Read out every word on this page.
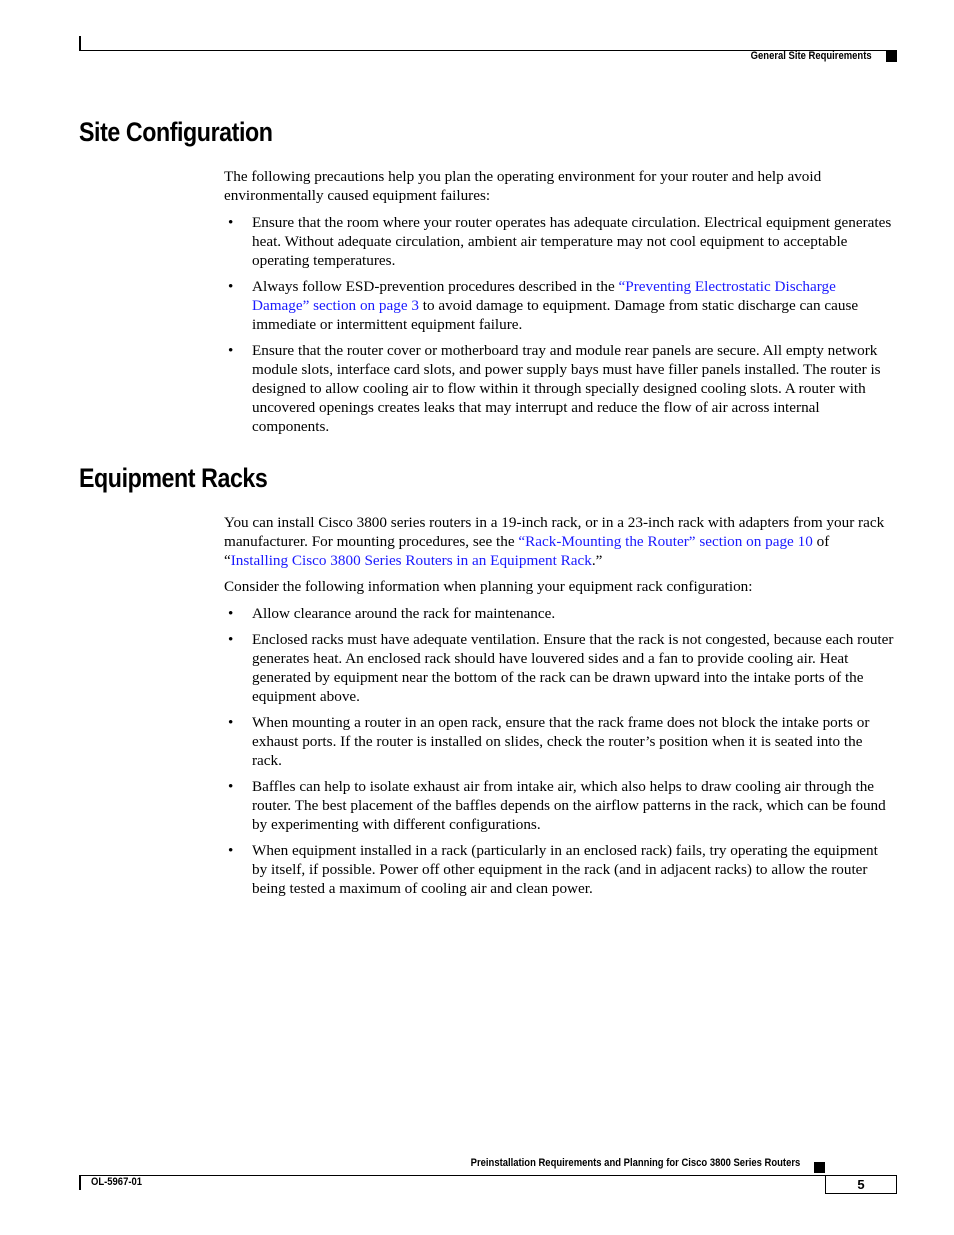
General Site Requirements
Site Configuration

The following precautions help you plan the operating environment for your router and help avoid environmentally caused equipment failures:

• Ensure that the room where your router operates has adequate circulation. Electrical equipment generates heat. Without adequate circulation, ambient air temperature may not cool equipment to acceptable operating temperatures.
• Always follow ESD-prevention procedures described in the “Preventing Electrostatic Discharge Damage” section on page 3 to avoid damage to equipment. Damage from static discharge can cause immediate or intermittent equipment failure.
• Ensure that the router cover or motherboard tray and module rear panels are secure. All empty network module slots, interface card slots, and power supply bays must have filler panels installed. The router is designed to allow cooling air to flow within it through specially designed cooling slots. A router with uncovered openings creates leaks that may interrupt and reduce the flow of air across internal components.
Equipment Racks

You can install Cisco 3800 series routers in a 19-inch rack, or in a 23-inch rack with adapters from your rack manufacturer. For mounting procedures, see the “Rack-Mounting the Router” section on page 10 of “Installing Cisco 3800 Series Routers in an Equipment Rack.”

Consider the following information when planning your equipment rack configuration:

• Allow clearance around the rack for maintenance.
• Enclosed racks must have adequate ventilation. Ensure that the rack is not congested, because each router generates heat. An enclosed rack should have louvered sides and a fan to provide cooling air. Heat generated by equipment near the bottom of the rack can be drawn upward into the intake ports of the equipment above.
• When mounting a router in an open rack, ensure that the rack frame does not block the intake ports or exhaust ports. If the router is installed on slides, check the router’s position when it is seated into the rack.
• Baffles can help to isolate exhaust air from intake air, which also helps to draw cooling air through the router. The best placement of the baffles depends on the airflow patterns in the rack, which can be found by experimenting with different configurations.
• When equipment installed in a rack (particularly in an enclosed rack) fails, try operating the equipment by itself, if possible. Power off other equipment in the rack (and in adjacent racks) to allow the router being tested a maximum of cooling air and clean power.
Preinstallation Requirements and Planning for Cisco 3800 Series Routers
OL-5967-01	5
